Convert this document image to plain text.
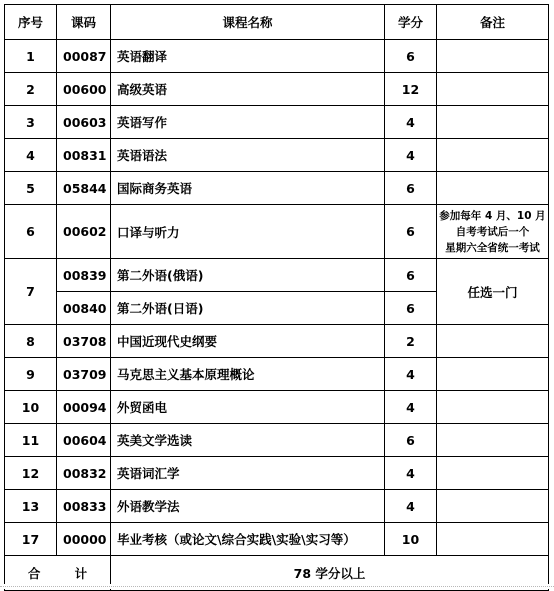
序号	课码	课程名称	学分	备注
1	00087	英语翻译	6	
2	00600	高级英语	12	
3	00603	英语写作	4	
4	00831	英语语法	4	
5	05844	国际商务英语	6	
6	00602	口译与听力	6	参加每年 4 月、10 月
自考考试后一个
星期六全省统一考试

7	00839	第二外语(俄语)	6	任选一门
	00840	第二外语(日语)	6	
8	03708	中国近现代史纲要	2	
9	03709	马克思主义基本原理概论	4	
10	00094	外贸函电	4	
11	00604	英美文学选读	6	
12	00832	英语词汇学	4	
13	00833	外语教学法	4	
17	00000	毕业考核（或论文\综合实践\实验\实习等）	10	
合 计		78 学分以上		
